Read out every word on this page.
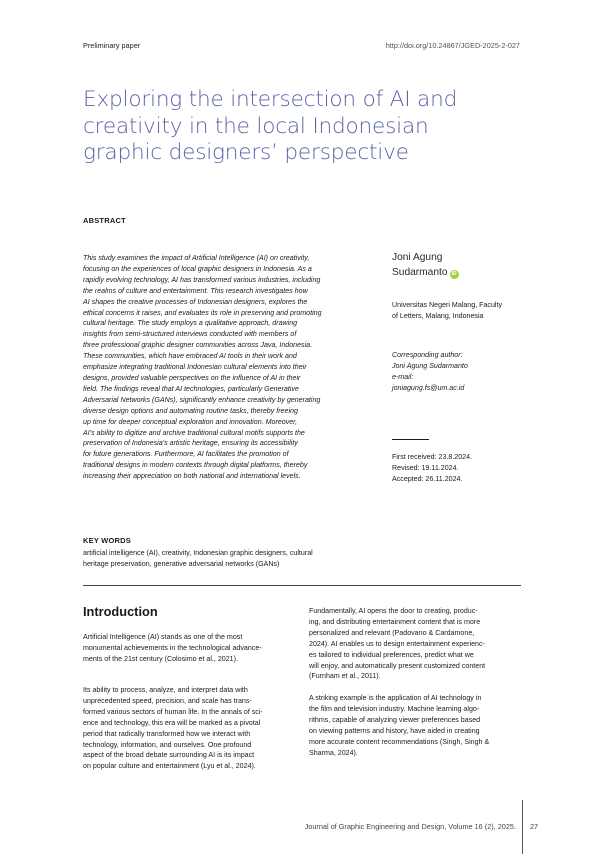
Preliminary paper	http://doi.org/10.24867/JGED-2025-2-027
Exploring the intersection of AI and
creativity in the local Indonesian
graphic designers’ perspective
ABSTRACT
This study examines the impact of Artificial Intelligence (AI) on creativity,
focusing on the experiences of local graphic designers in Indonesia. As a
rapidly evolving technology, AI has transformed various industries, including
the realms of culture and entertainment. This research investigates how
AI shapes the creative processes of Indonesian designers, explores the
ethical concerns it raises, and evaluates its role in preserving and promoting
cultural heritage. The study employs a qualitative approach, drawing
insights from semi-structured interviews conducted with members of
three professional graphic designer communities across Java, Indonesia.
These communities, which have embraced AI tools in their work and
emphasize integrating traditional Indonesian cultural elements into their
designs, provided valuable perspectives on the influence of AI in their
field. The findings reveal that AI technologies, particularly Generative
Adversarial Networks (GANs), significantly enhance creativity by generating
diverse design options and automating routine tasks, thereby freeing
up time for deeper conceptual exploration and innovation. Moreover,
AI’s ability to digitize and archive traditional cultural motifs supports the
preservation of Indonesia’s artistic heritage, ensuring its accessibility
for future generations. Furthermore, AI facilitates the promotion of
traditional designs in modern contexts through digital platforms, thereby
increasing their appreciation on both national and international levels.
Joni Agung
Sudarmanto iD
Universitas Negeri Malang, Faculty
of Letters, Malang, Indonesia
Corresponding author:
Joni Agung Sudarmanto
e-mail:
joniagung.fs@um.ac.id
First received: 23.8.2024.
Revised: 19.11.2024.
Accepted: 26.11.2024.
KEY WORDS
artificial intelligence (AI), creativity, Indonesian graphic designers, cultural
heritage preservation, generative adversarial networks (GANs)
Introduction
Artificial Intelligence (AI) stands as one of the most
monumental achievements in the technological advance-
ments of the 21st century (Colosimo et al., 2021).
Its ability to process, analyze, and interpret data with
unprecedented speed, precision, and scale has trans-
formed various sectors of human life. In the annals of sci-
ence and technology, this era will be marked as a pivotal
period that radically transformed how we interact with
technology, information, and ourselves. One profound
aspect of the broad debate surrounding AI is its impact
on popular culture and entertainment (Lyu et al., 2024).
Fundamentally, AI opens the door to creating, produc-
ing, and distributing entertainment content that is more
personalized and relevant (Padovano & Cardamone,
2024). AI enables us to design entertainment experienc-
es tailored to individual preferences, predict what we
will enjoy, and automatically present customized content
(Furnham et al., 2011).
A striking example is the application of AI technology in
the film and television industry. Machine learning algo-
rithms, capable of analyzing viewer preferences based
on viewing patterns and history, have aided in creating
more accurate content recommendations (Singh, Singh &
Sharma, 2024).
Journal of Graphic Engineering and Design, Volume 16 (2), 2025. 27
